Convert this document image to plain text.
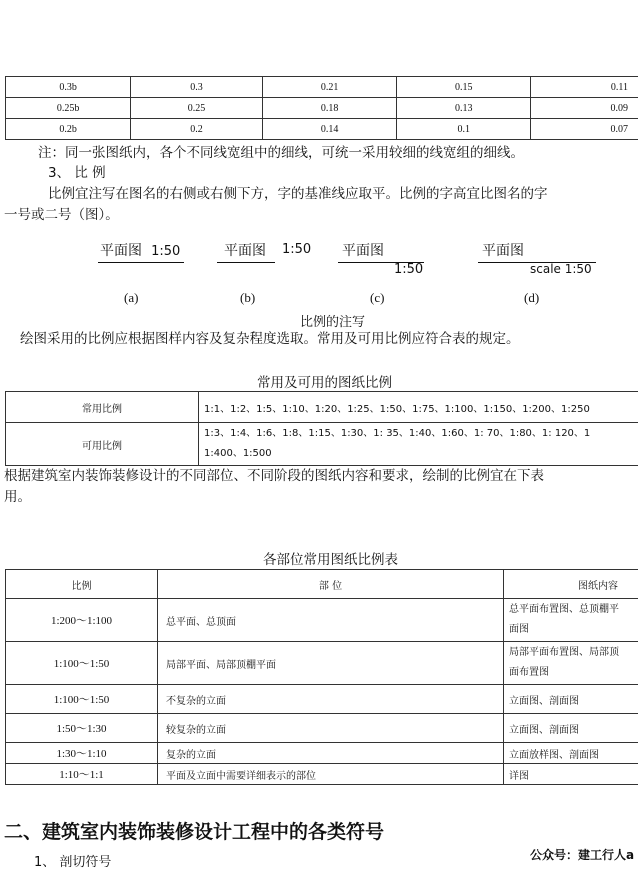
0.3b	0.3	0.21	0.15	0.11
0.25b	0.25	0.18	0.13	0.09
0.2b	0.2	0.14	0.1	0.07
注：同一张图纸内，各个不同线宽组中的细线，可统一采用较细的线宽组的细线。
3、 比 例
比例宜注写在图名的右侧或右侧下方，字的基准线应取平。比例的字高宜比图名的字
一号或二号（图）。
平面图 1:50
(a)
平面图 1:50
(b)
平面图
1:50
(c)
平面图
scale 1:50
(d)
比例的注写
绘图采用的比例应根据图样内容及复杂程度选取。常用及可用比例应符合表的规定。
常用及可用的图纸比例
常用比例	1:1、1:2、1:5、1:10、1:20、1:25、1:50、1:75、1:100、1:150、1:200、1:250
可用比例	1:3、1:4、1:6、1:8、1:15、1:30、1: 35、1:40、1:60、1: 70、1:80、1: 120、1
1:400、1:500
根据建筑室内装饰装修设计的不同部位、不同阶段的图纸内容和要求，绘制的比例宜在下表
用。
各部位常用图纸比例表
比例	部 位	图纸内容
1:200～1:100	总平面、总顶面	总平面布置图、总顶棚平
面图

1:100～1:50	局部平面、局部顶棚平面	局部平面布置图、局部顶
面布置图

1:100～1:50	不复杂的立面	立面图、剖面图
1:50～1:30	较复杂的立面	立面图、剖面图
1:30～1:10	复杂的立面	立面放样图、剖面图
1:10～1:1	平面及立面中需要详细表示的部位	详图
二、建筑室内装饰装修设计工程中的各类符号
1、 剖切符号	公众号：建工行人a
